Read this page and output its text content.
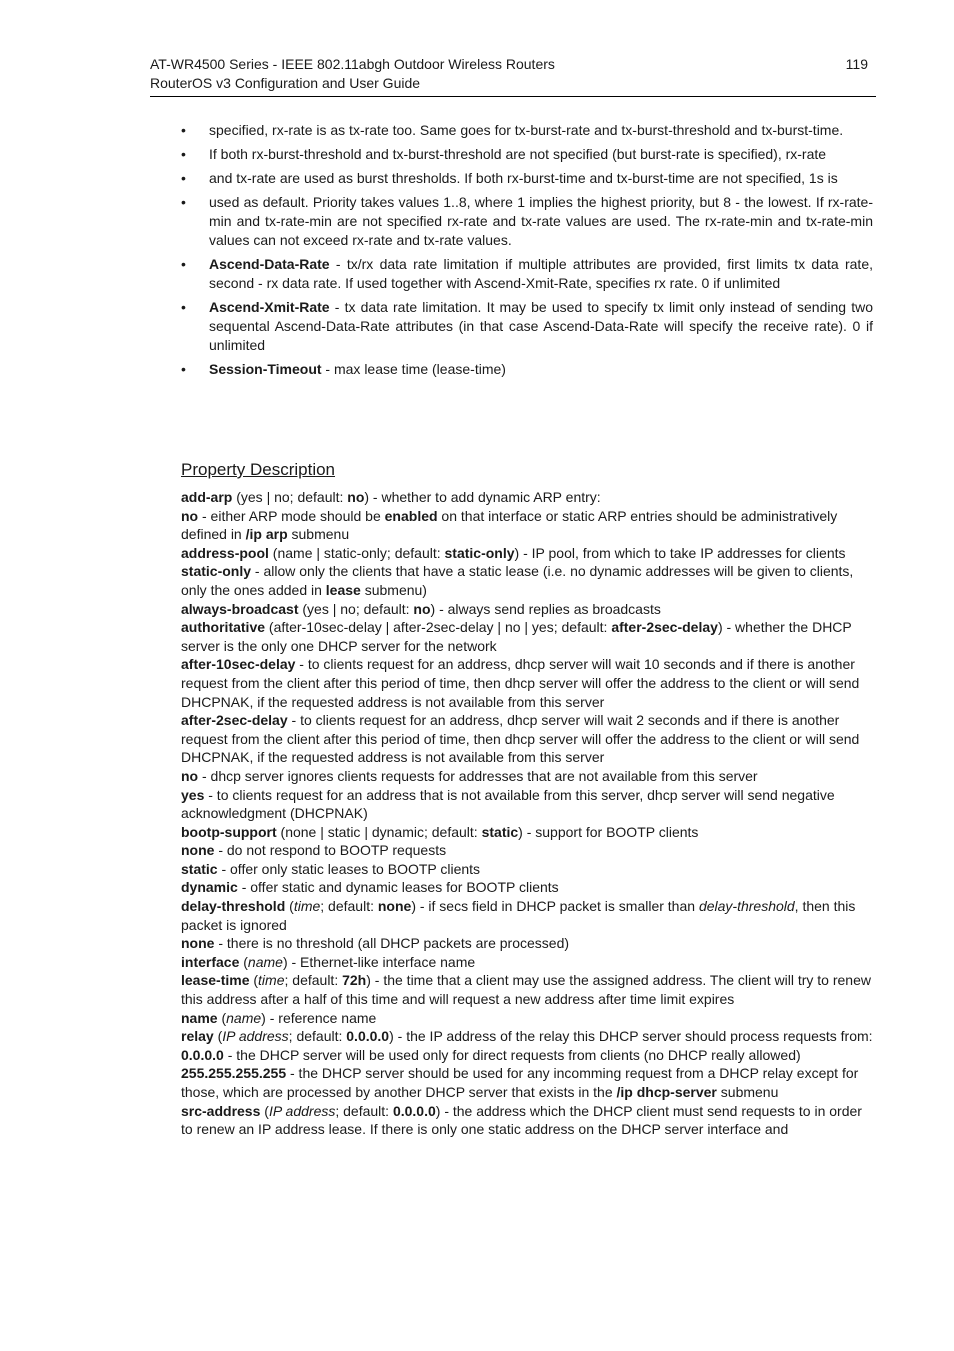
AT-WR4500 Series - IEEE 802.11abgh Outdoor Wireless Routers	119
RouterOS v3 Configuration and User Guide
• specified, rx-rate is as tx-rate too. Same goes for tx-burst-rate and tx-burst-threshold and tx-burst-time.
• If both rx-burst-threshold and tx-burst-threshold are not specified (but burst-rate is specified), rx-rate
• and tx-rate are used as burst thresholds. If both rx-burst-time and tx-burst-time are not specified, 1s is
• used as default. Priority takes values 1..8, where 1 implies the highest priority, but 8 - the lowest. If rx-rate-min and tx-rate-min are not specified rx-rate and tx-rate values are used. The rx-rate-min and tx-rate-min values can not exceed rx-rate and tx-rate values.
• Ascend-Data-Rate - tx/rx data rate limitation if multiple attributes are provided, first limits tx data rate, second - rx data rate. If used together with Ascend-Xmit-Rate, specifies rx rate. 0 if unlimited
• Ascend-Xmit-Rate - tx data rate limitation. It may be used to specify tx limit only instead of sending two sequental Ascend-Data-Rate attributes (in that case Ascend-Data-Rate will specify the receive rate). 0 if unlimited
• Session-Timeout - max lease time (lease-time)
Property Description

add-arp (yes | no; default: no) - whether to add dynamic ARP entry:

no - either ARP mode should be enabled on that interface or static ARP entries should be administratively defined in /ip arp submenu

address-pool (name | static-only; default: static-only) - IP pool, from which to take IP addresses for clients

static-only - allow only the clients that have a static lease (i.e. no dynamic addresses will be given to clients, only the ones added in lease submenu)

always-broadcast (yes | no; default: no) - always send replies as broadcasts

authoritative (after-10sec-delay | after-2sec-delay | no | yes; default: after-2sec-delay) - whether the DHCP server is the only one DHCP server for the network

after-10sec-delay - to clients request for an address, dhcp server will wait 10 seconds and if there is another request from the client after this period of time, then dhcp server will offer the address to the client or will send DHCPNAK, if the requested address is not available from this server

after-2sec-delay - to clients request for an address, dhcp server will wait 2 seconds and if there is another request from the client after this period of time, then dhcp server will offer the address to the client or will send DHCPNAK, if the requested address is not available from this server

no - dhcp server ignores clients requests for addresses that are not available from this server

yes - to clients request for an address that is not available from this server, dhcp server will send negative acknowledgment (DHCPNAK)

bootp-support (none | static | dynamic; default: static) - support for BOOTP clients

none - do not respond to BOOTP requests

static - offer only static leases to BOOTP clients

dynamic - offer static and dynamic leases for BOOTP clients

delay-threshold (time; default: none) - if secs field in DHCP packet is smaller than delay-threshold, then this packet is ignored

none - there is no threshold (all DHCP packets are processed)

interface (name) - Ethernet-like interface name

lease-time (time; default: 72h) - the time that a client may use the assigned address. The client will try to renew this address after a half of this time and will request a new address after time limit expires

name (name) - reference name

relay (IP address; default: 0.0.0.0) - the IP address of the relay this DHCP server should process requests from:

0.0.0.0 - the DHCP server will be used only for direct requests from clients (no DHCP really allowed)

255.255.255.255 - the DHCP server should be used for any incomming request from a DHCP relay except for those, which are processed by another DHCP server that exists in the /ip dhcp-server submenu

src-address (IP address; default: 0.0.0.0) - the address which the DHCP client must send requests to in order to renew an IP address lease. If there is only one static address on the DHCP server interface and
